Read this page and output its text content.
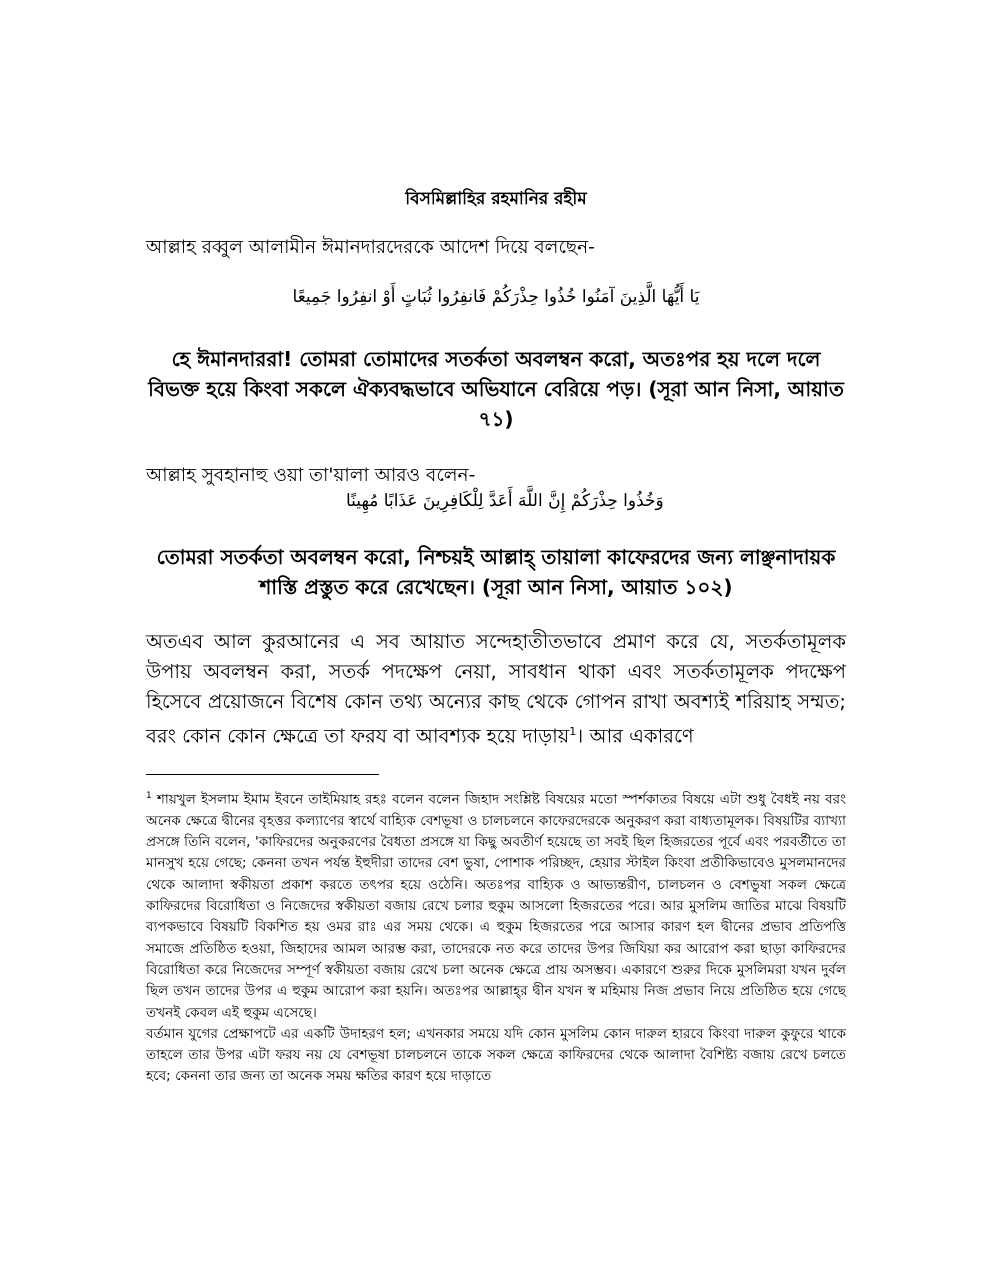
বিসমিল্লাহির রহমানির রহীম
আল্লাহ রব্বুল আলামীন ঈমানদারদেরকে আদেশ দিয়ে বলছেন-
يَا أَيُّهَا الَّذِينَ آمَنُوا خُذُوا حِذْرَكُمْ فَانفِرُوا ثُبَاتٍ أَوْ انفِرُوا جَمِيعًا
হে ঈমানদাররা! তোমরা তোমাদের সতর্কতা অবলম্বন করো, অতঃপর হয় দলে দলে বিভক্ত হয়ে কিংবা সকলে ঐক্যবদ্ধভাবে অভিযানে বেরিয়ে পড়। (সূরা আন নিসা, আয়াত ৭১)
আল্লাহ সুবহানাহু ওয়া তা'য়ালা আরও বলেন-
وَخُذُوا حِذْرَكُمْ إِنَّ اللَّهَ أَعَدَّ لِلْكَافِرِينَ عَذَابًا مُهِينًا
তোমরা সতর্কতা অবলম্বন করো, নিশ্চয়ই আল্লাহ্ তায়ালা কাফেরদের জন্য লাঞ্ছনাদায়ক শাস্তি প্রস্তুত করে রেখেছেন। (সূরা আন নিসা, আয়াত ১০২)
অতএব আল কুরআনের এ সব আয়াত সন্দেহাতীতভাবে প্রমাণ করে যে, সতর্কতামূলক উপায় অবলম্বন করা, সতর্ক পদক্ষেপ নেয়া, সাবধান থাকা এবং সতর্কতামূলক পদক্ষেপ হিসেবে প্রয়োজনে বিশেষ কোন তথ্য অন্যের কাছ থেকে গোপন রাখা অবশ্যই শরিয়াহ সম্মত; বরং কোন কোন ক্ষেত্রে তা ফরয বা আবশ্যক হয়ে দাড়ায়$^1$। আর একারণে

$^1$ শায়খুল ইসলাম ইমাম ইবনে তাইমিয়াহ রহঃ বলেন বলেন জিহাদ সংশ্লিষ্ট বিষয়ের মতো স্পর্শকাতর বিষয়ে এটা শুধু বৈধই নয় বরং অনেক ক্ষেত্রে দ্বীনের বৃহত্তর কল্যাণের স্বার্থে বাহ্যিক বেশভূষা ও চালচলনে কাফেরদেরকে অনুকরণ করা বাধ্যতামূলক। বিষয়টির ব্যাখ্যা প্রসঙ্গে তিনি বলেন, 'কাফিরদের অনুকরণের বৈধতা প্রসঙ্গে যা কিছু অবতীর্ণ হয়েছে তা সবই ছিল হিজরতের পূর্বে এবং পরবর্তীতে তা মানসুখ হয়ে গেছে; কেননা তখন পর্যন্ত ইহুদীরা তাদের বেশ ভুষা, পোশাক পরিচ্ছদ, হেয়ার স্টাইল কিংবা প্রতীকিভাবেও মুসলমানদের থেকে আলাদা স্বকীয়তা প্রকাশ করতে তৎপর হয়ে ওঠেনি। অতঃপর বাহ্যিক ও আভ্যন্তরীণ, চালচলন ও বেশভুষা সকল ক্ষেত্রে কাফিরদের বিরোধিতা ও নিজেদের স্বকীয়তা বজায় রেখে চলার হুকুম আসলো হিজরতের পরে। আর মুসলিম জাতির মাঝে বিষয়টি ব্যপকভাবে বিষয়টি বিকশিত হয় ওমর রাঃ এর সময় থেকে। এ হুকুম হিজরতের পরে আসার কারণ হল দ্বীনের প্রভাব প্রতিপত্তি সমাজে প্রতিষ্ঠিত হওয়া, জিহাদের আমল আরম্ভ করা, তাদেরকে নত করে তাদের উপর জিযিয়া কর আরোপ করা ছাড়া কাফিরদের বিরোধিতা করে নিজেদের সম্পূর্ণ স্বকীয়তা বজায় রেখে চলা অনেক ক্ষেত্রে প্রায় অসম্ভব। একারণে শুরুর দিকে মুসলিমরা যখন দুর্বল ছিল তখন তাদের উপর এ হুকুম আরোপ করা হয়নি। অতঃপর আল্লাহ্‌র দ্বীন যখন স্ব মহিমায় নিজ প্রভাব নিয়ে প্রতিষ্ঠিত হয়ে গেছে তখনই কেবল এই হুকুম এসেছে।

বর্তমান যুগের প্রেক্ষাপটে এর একটি উদাহরণ হল; এখনকার সময়ে যদি কোন মুসলিম কোন দারুল হারবে কিংবা দারুল কুফুরে থাকে তাহলে তার উপর এটা ফরয নয় যে বেশভূষা চালচলনে তাকে সকল ক্ষেত্রে কাফিরদের থেকে আলাদা বৈশিষ্ট্য বজায় রেখে চলতে হবে; কেননা তার জন্য তা অনেক সময় ক্ষতির কারণ হয়ে দাড়াতে
